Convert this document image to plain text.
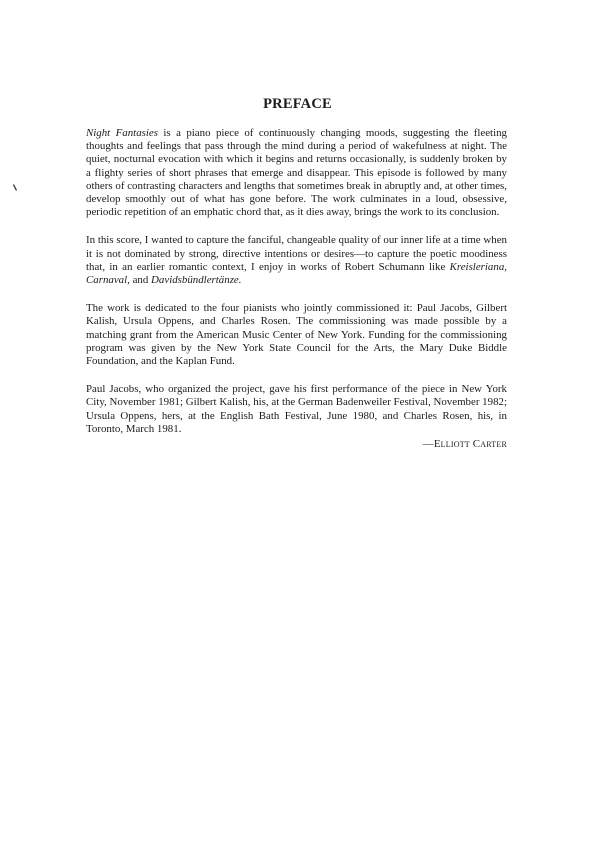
PREFACE

Night Fantasies is a piano piece of continuously changing moods, suggesting the fleeting thoughts and feelings that pass through the mind during a period of wakefulness at night. The quiet, nocturnal evocation with which it begins and returns occasionally, is suddenly broken by a flighty series of short phrases that emerge and disappear. This episode is followed by many others of contrasting characters and lengths that sometimes break in abruptly and, at other times, develop smoothly out of what has gone before. The work culminates in a loud, obsessive, periodic repetition of an emphatic chord that, as it dies away, brings the work to its conclusion.

In this score, I wanted to capture the fanciful, changeable quality of our inner life at a time when it is not dominated by strong, directive intentions or desires—to capture the poetic moodiness that, in an earlier romantic context, I enjoy in works of Robert Schumann like Kreisleriana, Carnaval, and Davidsbündlertänze.

The work is dedicated to the four pianists who jointly commissioned it: Paul Jacobs, Gilbert Kalish, Ursula Oppens, and Charles Rosen. The commissioning was made possible by a matching grant from the American Music Center of New York. Funding for the commissioning program was given by the New York State Council for the Arts, the Mary Duke Biddle Foundation, and the Kaplan Fund.

Paul Jacobs, who organized the project, gave his first performance of the piece in New York City, November 1981; Gilbert Kalish, his, at the German Badenweiler Festival, November 1982; Ursula Oppens, hers, at the English Bath Festival, June 1980, and Charles Rosen, his, in Toronto, March 1981.

—Elliott Carter
